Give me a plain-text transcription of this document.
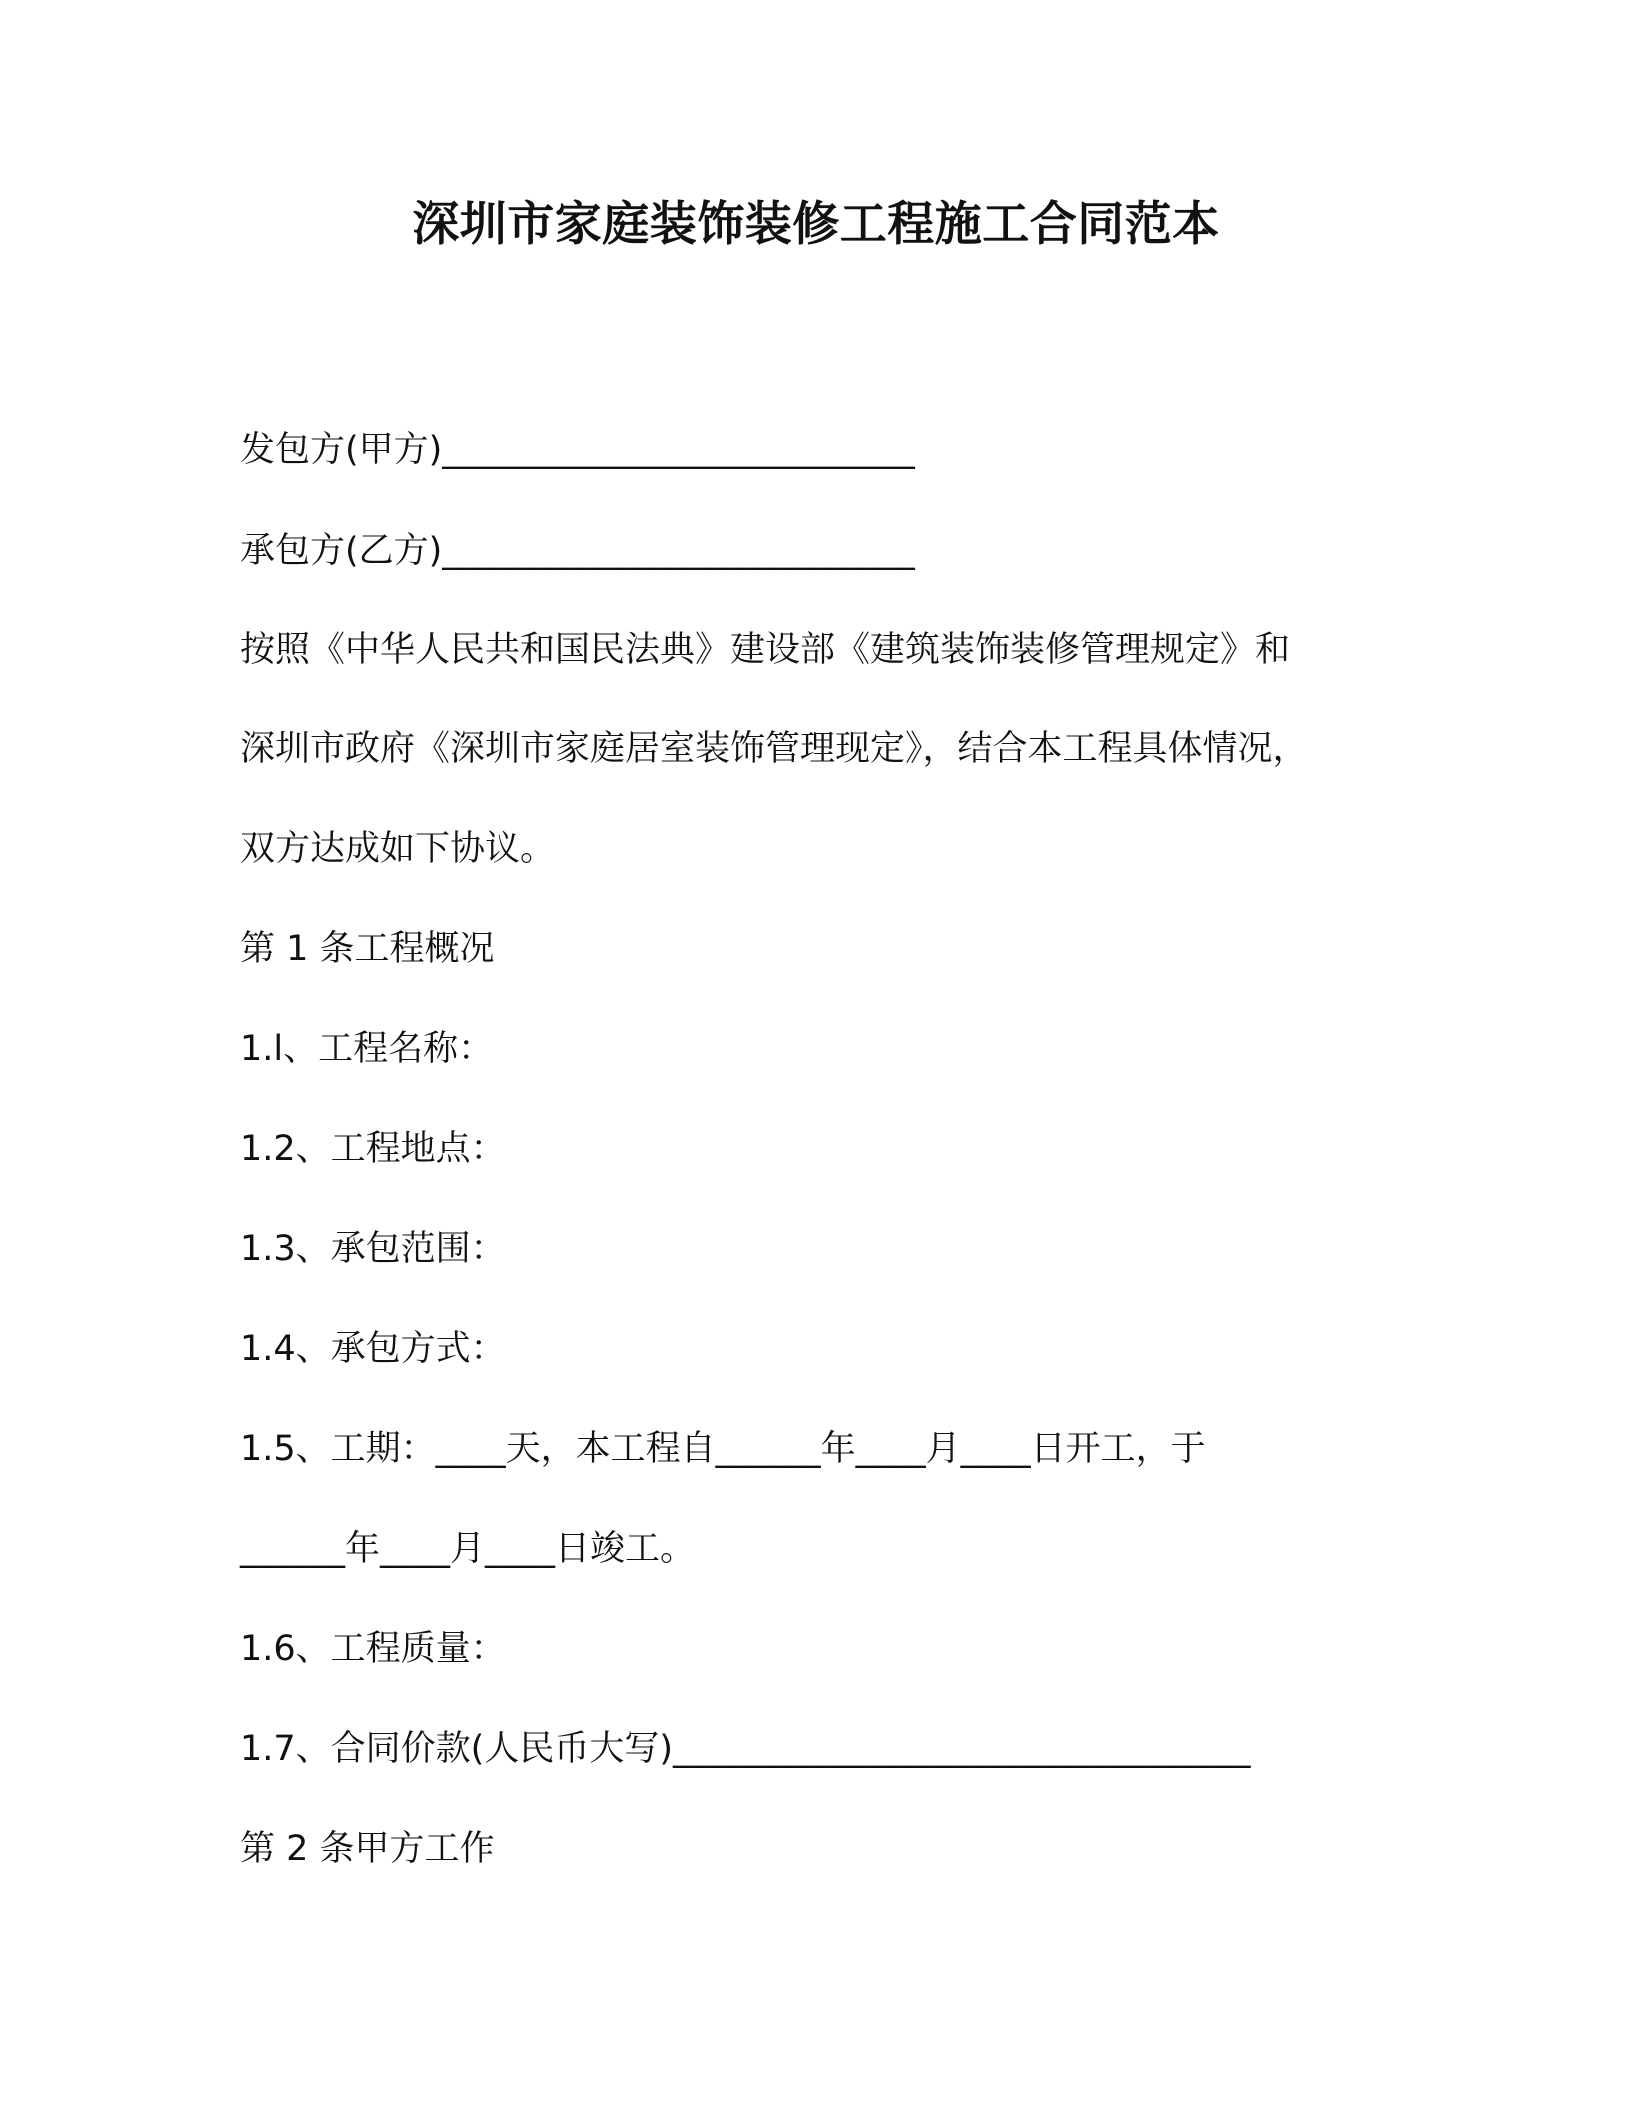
深圳市家庭装饰装修工程施工合同范本
发包方(甲方)___________________________
承包方(乙方)___________________________
按照《中华人民共和国民法典》建设部《建筑装饰装修管理规定》和
深圳市政府《深圳市家庭居室装饰管理现定》，结合本工程具体情况，
双方达成如下协议。
第 1 条工程概况
1.l、工程名称：
1.2、工程地点：
1.3、承包范围：
1.4、承包方式：
1.5、工期：____天，本工程自______年____月____日开工，于
______年____月____日竣工。
1.6、工程质量：
1.7、合同价款(人民币大写)_________________________________
第 2 条甲方工作
